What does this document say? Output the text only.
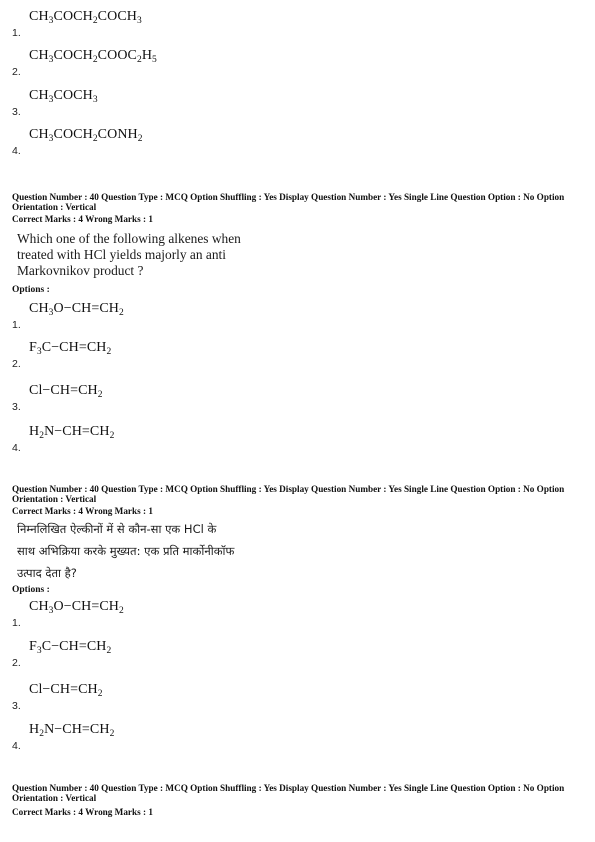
1.
$CH_3COCH_2COCH_3$
2.
$CH_3COCH_2COOC_2H_5$
3.
$CH_3COCH_3$
4.
$CH_3COCH_2CONH_2$
Question Number : 40 Question Type : MCQ Option Shuffling : Yes Display Question Number : Yes Single Line Question Option : No Option Orientation : Vertical
Correct Marks : 4 Wrong Marks : 1
Which one of the following alkenes when
treated with HCl yields majorly an anti
Markovnikov product ?
Options :
1.
$CH_3O-CH=CH_2$
2.
$F_3C-CH=CH_2$
3.
$Cl-CH=CH_2$
4.
$H_2N-CH=CH_2$
Question Number : 40 Question Type : MCQ Option Shuffling : Yes Display Question Number : Yes Single Line Question Option : No Option Orientation : Vertical
Correct Marks : 4 Wrong Marks : 1
निम्नलिखित ऐल्कीनों में से कौन-सा एक HCl के
साथ अभिक्रिया करके मुख्यत: एक प्रति मार्कोनीकॉफ
उत्पाद देता है?
Options :
1.
$CH_3O-CH=CH_2$
2.
$F_3C-CH=CH_2$
3.
$Cl-CH=CH_2$
4.
$H_2N-CH=CH_2$
Question Number : 40 Question Type : MCQ Option Shuffling : Yes Display Question Number : Yes Single Line Question Option : No Option Orientation : Vertical
Correct Marks : 4 Wrong Marks : 1
